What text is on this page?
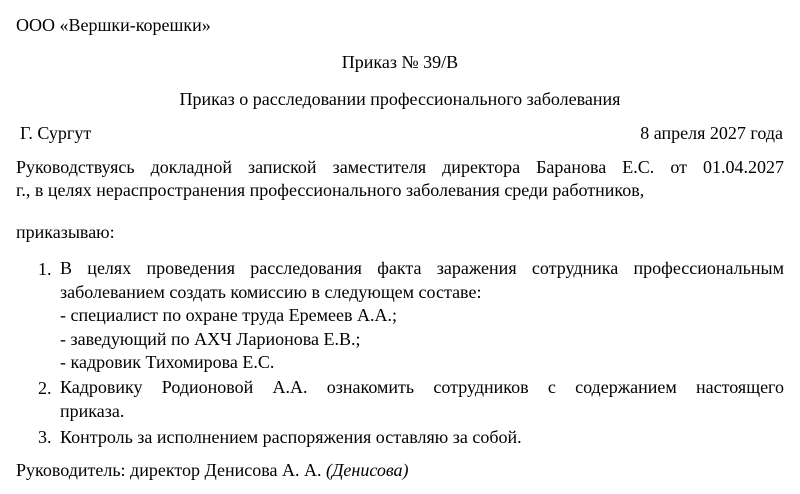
ООО «Вершки-корешки»
Приказ № 39/В
Приказ о расследовании профессионального заболевания
Г. Сургут	8 апреля 2027 года
Руководствуясь докладной запиской заместителя директора Баранова Е.С. от 01.04.2027
г., в целях нераспространения профессионального заболевания среди работников,
приказываю:
1. В целях проведения расследования факта заражения сотрудника профессиональным
заболеванием создать комиссию в следующем составе:
- специалист по охране труда Еремеев А.А.;
- заведующий по АХЧ Ларионова Е.В.;
- кадровик Тихомирова Е.С.
2. Кадровику Родионовой А.А. ознакомить сотрудников с содержанием настоящего
приказа.
3. Контроль за исполнением распоряжения оставляю за собой.
Руководитель: директор Денисова А. А. (Денисова)
